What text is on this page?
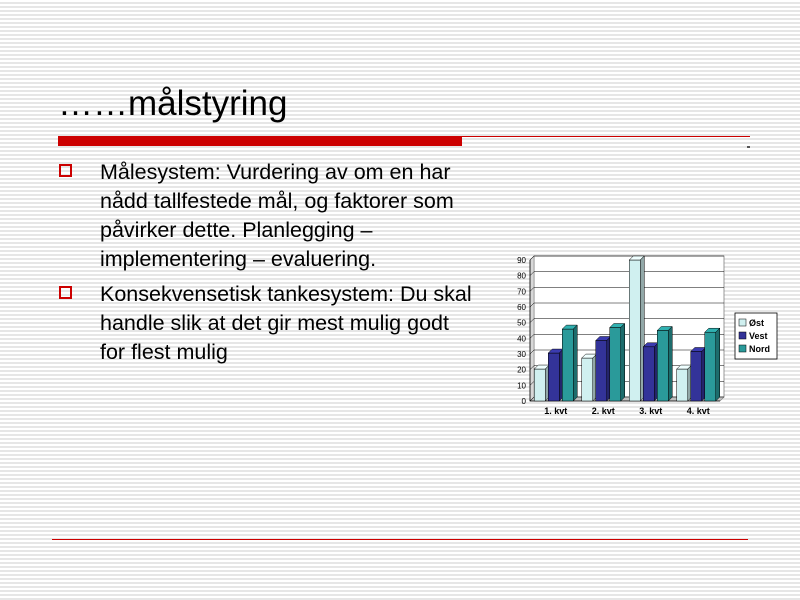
……målstyring
Målesystem: Vurdering av om en har nådd tallfestede mål, og faktorer som påvirker dette. Planlegging – implementering – evaluering.
Konsekvensetisk tankesystem: Du skal handle slik at det gir mest mulig godt for flest mulig
0
10
20
30
40
50
60
70
80
90
1. kvt	2. kvt	3. kvt	4. kvt
Øst
Vest
Nord
